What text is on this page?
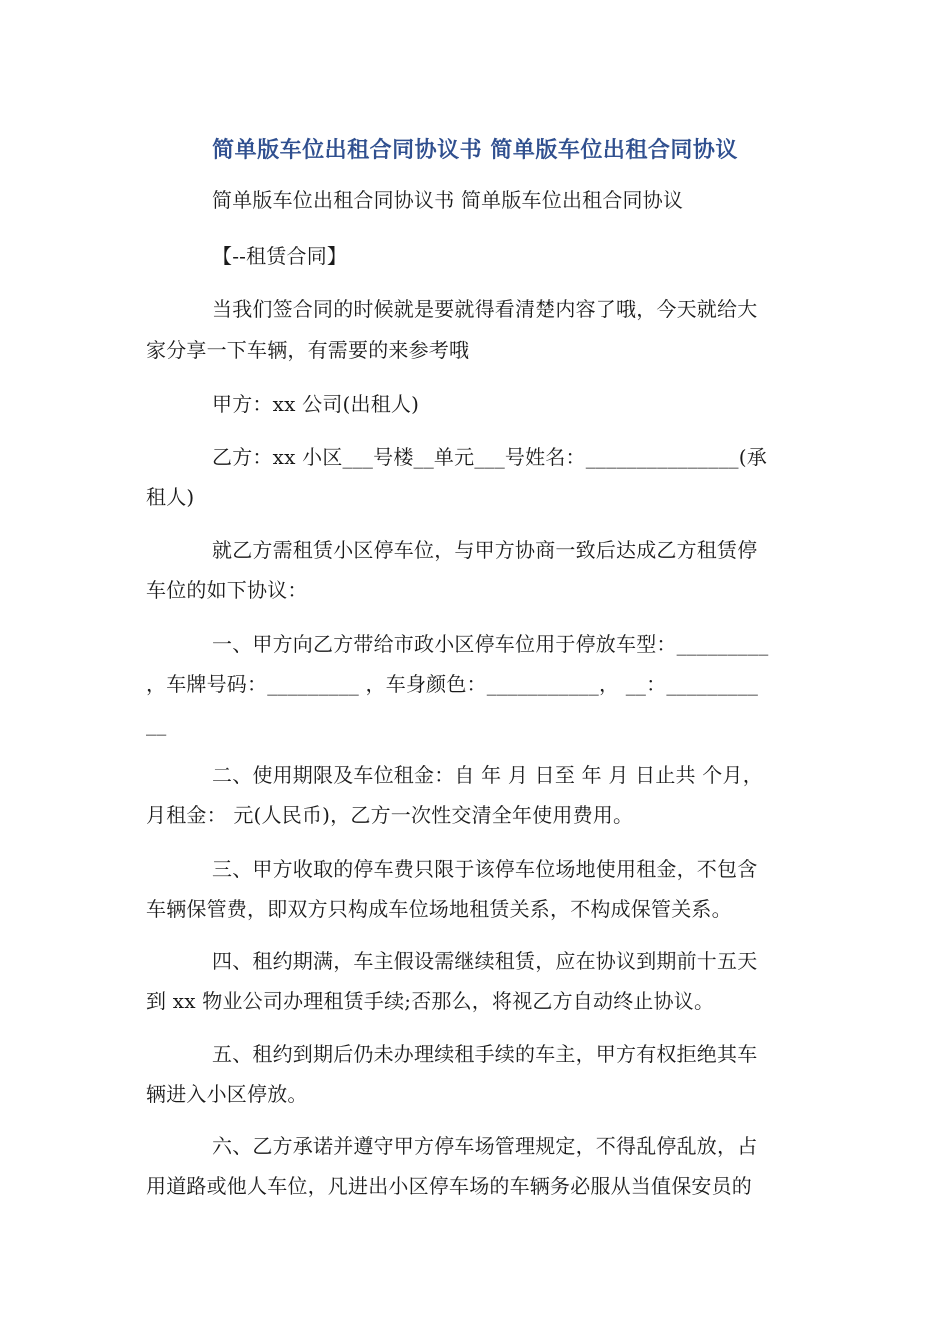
简单版车位出租合同协议书 简单版车位出租合同协议
简单版车位出租合同协议书 简单版车位出租合同协议
【--租赁合同】
当我们签合同的时候就是要就得看清楚内容了哦，今天就给大
家分享一下车辆，有需要的来参考哦
甲方：xx 公司(出租人)
乙方：xx 小区___号楼__单元___号姓名：_______________(承
租人)
就乙方需租赁小区停车位，与甲方协商一致后达成乙方租赁停
车位的如下协议：
一、甲方向乙方带给市政小区停车位用于停放车型：_________
，车牌号码：_________ ，车身颜色：___________， __：_________
__
二、使用期限及车位租金：自 年 月 日至 年 月 日止共 个月，
月租金： 元(人民币)，乙方一次性交清全年使用费用。
三、甲方收取的停车费只限于该停车位场地使用租金，不包含
车辆保管费，即双方只构成车位场地租赁关系，不构成保管关系。
四、租约期满，车主假设需继续租赁，应在协议到期前十五天
到 xx 物业公司办理租赁手续;否那么，将视乙方自动终止协议。
五、租约到期后仍未办理续租手续的车主，甲方有权拒绝其车
辆进入小区停放。
六、乙方承诺并遵守甲方停车场管理规定，不得乱停乱放，占
用道路或他人车位，凡进出小区停车场的车辆务必服从当值保安员的
